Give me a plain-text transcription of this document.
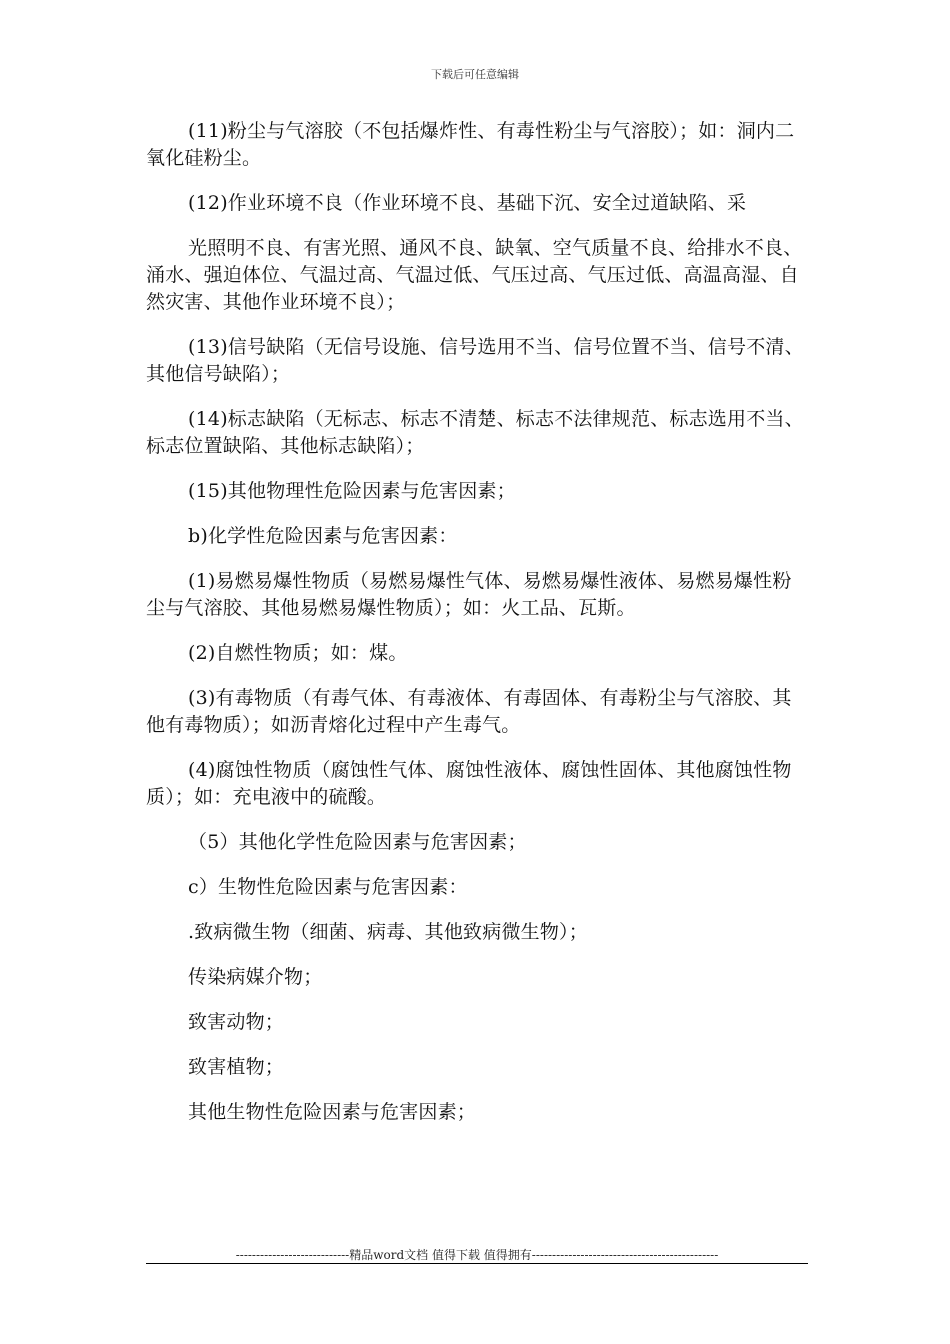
下载后可任意编辑

(11)粉尘与气溶胶（不包括爆炸性、有毒性粉尘与气溶胶）；如：洞内二氧化硅粉尘。

(12)作业环境不良（作业环境不良、基础下沉、安全过道缺陷、采

光照明不良、有害光照、通风不良、缺氧、空气质量不良、给排水不良、涌水、强迫体位、气温过高、气温过低、气压过高、气压过低、高温高湿、自然灾害、其他作业环境不良）；

(13)信号缺陷（无信号设施、信号选用不当、信号位置不当、信号不清、其他信号缺陷）；

(14)标志缺陷（无标志、标志不清楚、标志不法律规范、标志选用不当、标志位置缺陷、其他标志缺陷）；

(15)其他物理性危险因素与危害因素；

b)化学性危险因素与危害因素：

(1)易燃易爆性物质（易燃易爆性气体、易燃易爆性液体、易燃易爆性粉尘与气溶胶、其他易燃易爆性物质）；如：火工品、瓦斯。

(2)自燃性物质；如：煤。

(3)有毒物质（有毒气体、有毒液体、有毒固体、有毒粉尘与气溶胶、其他有毒物质）；如沥青熔化过程中产生毒气。

(4)腐蚀性物质（腐蚀性气体、腐蚀性液体、腐蚀性固体、其他腐蚀性物质）；如：充电液中的硫酸。

（5）其他化学性危险因素与危害因素；

c）生物性危险因素与危害因素：

.致病微生物（细菌、病毒、其他致病微生物）；

传染病媒介物；

致害动物；

致害植物；

其他生物性危险因素与危害因素；

----------------------------精品word文档 值得下载 值得拥有----------------------------------------------
